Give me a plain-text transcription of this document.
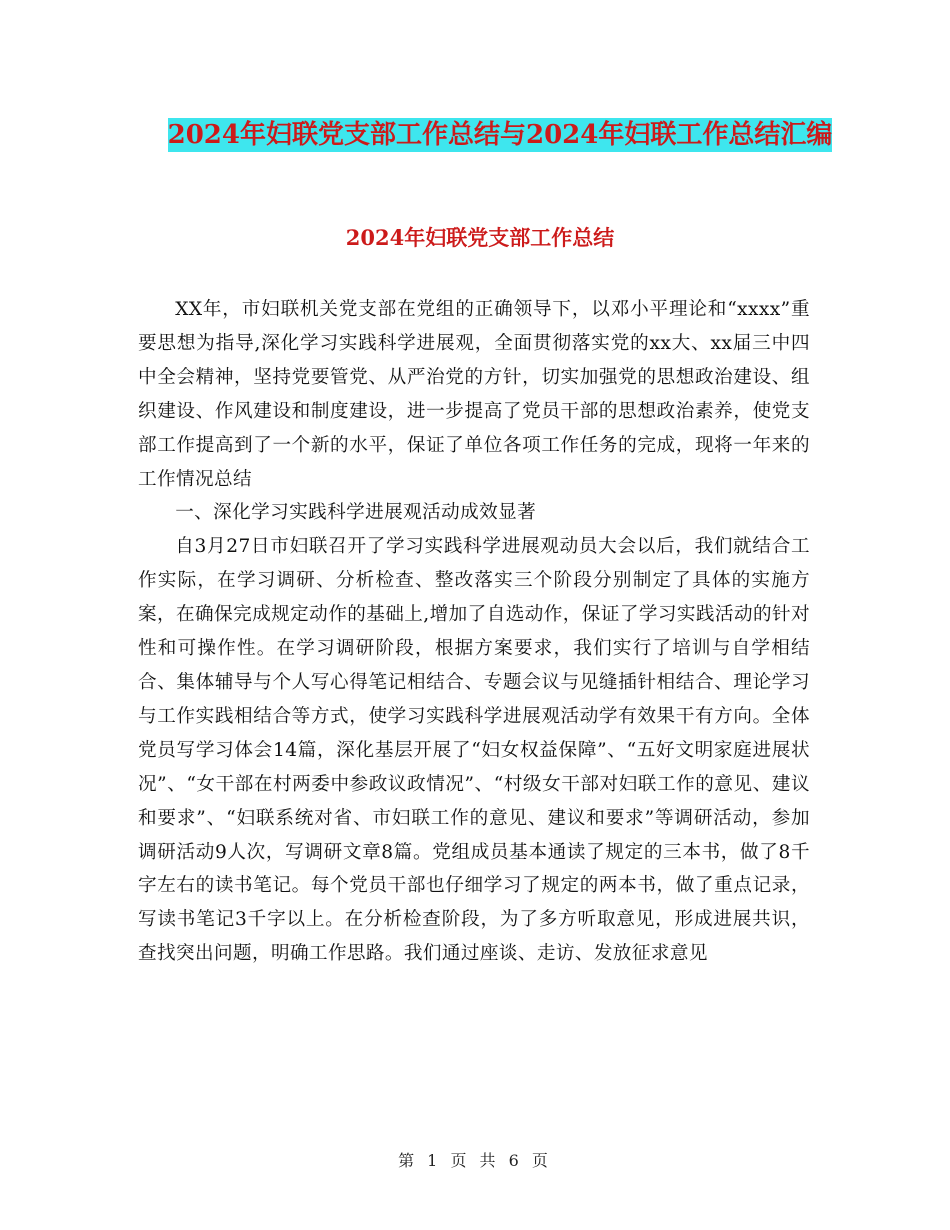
2024年妇联党支部工作总结与2024年妇联工作总结汇编
2024年妇联党支部工作总结

XX年，市妇联机关党支部在党组的正确领导下，以邓小平理论和“xxxx”重要思想为指导,深化学习实践科学进展观，全面贯彻落实党的xx大、xx届三中四中全会精神，坚持党要管党、从严治党的方针，切实加强党的思想政治建设、组织建设、作风建设和制度建设，进一步提高了党员干部的思想政治素养，使党支部工作提高到了一个新的水平，保证了单位各项工作任务的完成，现将一年来的工作情况总结

一、深化学习实践科学进展观活动成效显著

自3月27日市妇联召开了学习实践科学进展观动员大会以后，我们就结合工作实际，在学习调研、分析检查、整改落实三个阶段分别制定了具体的实施方案，在确保完成规定动作的基础上,增加了自选动作，保证了学习实践活动的针对性和可操作性。在学习调研阶段，根据方案要求，我们实行了培训与自学相结合、集体辅导与个人写心得笔记相结合、专题会议与见缝插针相结合、理论学习与工作实践相结合等方式，使学习实践科学进展观活动学有效果干有方向。全体党员写学习体会14篇，深化基层开展了“妇女权益保障”、“五好文明家庭进展状况”、“女干部在村两委中参政议政情况”、“村级女干部对妇联工作的意见、建议和要求”、“妇联系统对省、市妇联工作的意见、建议和要求”等调研活动，参加调研活动9人次，写调研文章8篇。党组成员基本通读了规定的三本书，做了8千字左右的读书笔记。每个党员干部也仔细学习了规定的两本书，做了重点记录，写读书笔记3千字以上。在分析检查阶段，为了多方听取意见，形成进展共识，查找突出问题，明确工作思路。我们通过座谈、走访、发放征求意见

第 1 页 共 6 页
